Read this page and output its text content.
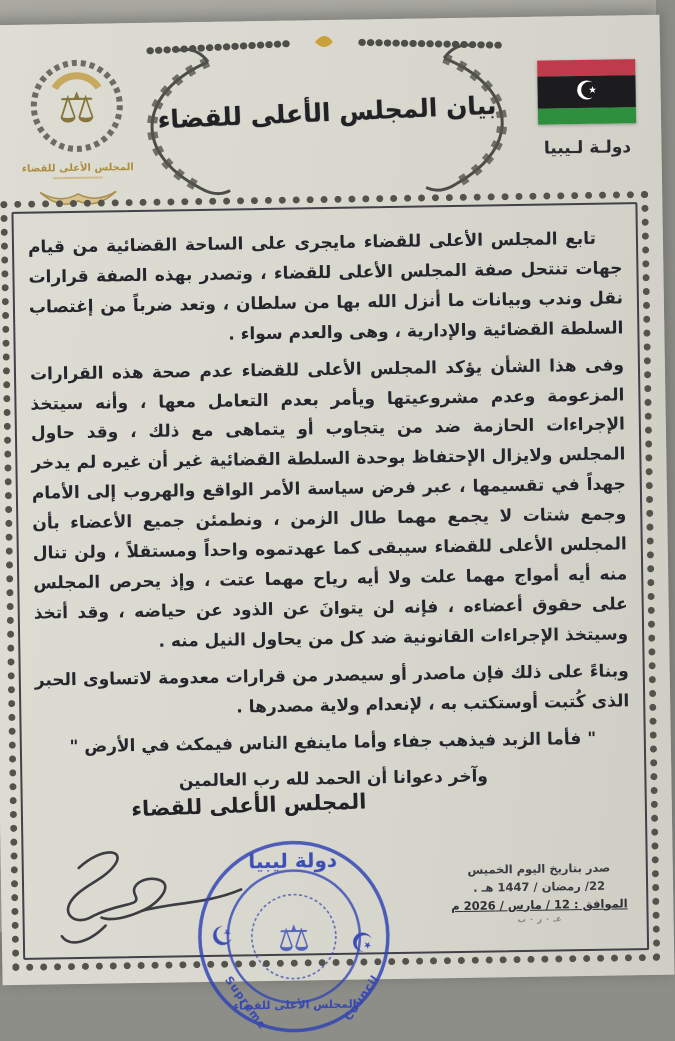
⚖
المجلس الأعلى للقضاء
بيان المجلس الأعلى للقضاء	☪
دولـة لـيبيا

تابع المجلس الأعلى للقضاء مايجرى على الساحة القضائية من قيام جهات تنتحل صفة المجلس الأعلى للقضاء ، وتصدر بهذه الصفة قرارات نقل وندب وبيانات ما أنزل الله بها من سلطان ، وتعد ضرباً من إغتصاب السلطة القضائية والإدارية ، وهى والعدم سواء .

وفى هذا الشأن يؤكد المجلس الأعلى للقضاء عدم صحة هذه القرارات المزعومة وعدم مشروعيتها ويأمر بعدم التعامل معها ، وأنه سيتخذ الإجراءات الحازمة ضد من يتجاوب أو يتماهى مع ذلك ، وقد حاول المجلس ولايزال الإحتفاظ بوحدة السلطة القضائية غير أن غيره لم يدخر جهداً في تقسيمها ، عبر فرض سياسة الأمر الواقع والهروب إلى الأمام وجمع شتات لا يجمع مهما طال الزمن ، ونطمئن جميع الأعضاء بأن المجلس الأعلى للقضاء سيبقى كما عهدتموه واحداً ومستقلاً ، ولن تنال منه أيه أمواج مهما علت ولا أيه رياح مهما عتت ، وإذ يحرص المجلس على حقوق أعضاءه ، فإنه لن يتوانَ عن الذود عن حياضه ، وقد أتخذ وسيتخذ الإجراءات القانونية ضد كل من يحاول النيل منه .

وبناءً على ذلك فإن ماصدر أو سيصدر من قرارات معدومة لاتساوى الحبر الذى كُتبت أوستكتب به ، لإنعدام ولاية مصدرها .

" فأما الزبد فيذهب جفاء وأما ماينفع الناس فيمكث في الأرض "

وآخر دعوانا أن الحمد لله رب العالمين

المجلس الأعلى للقضاء
دولة ليبيا
☪	☪
⚖
Supreme	Council
المجلس الأعلى للقضاء
صدر بتاريخ اليوم الخميس
22/ رمضان / 1447 هـ .
الموافق : 12 / مارس / 2026 م
عـ ٠ ر ٠ ب
